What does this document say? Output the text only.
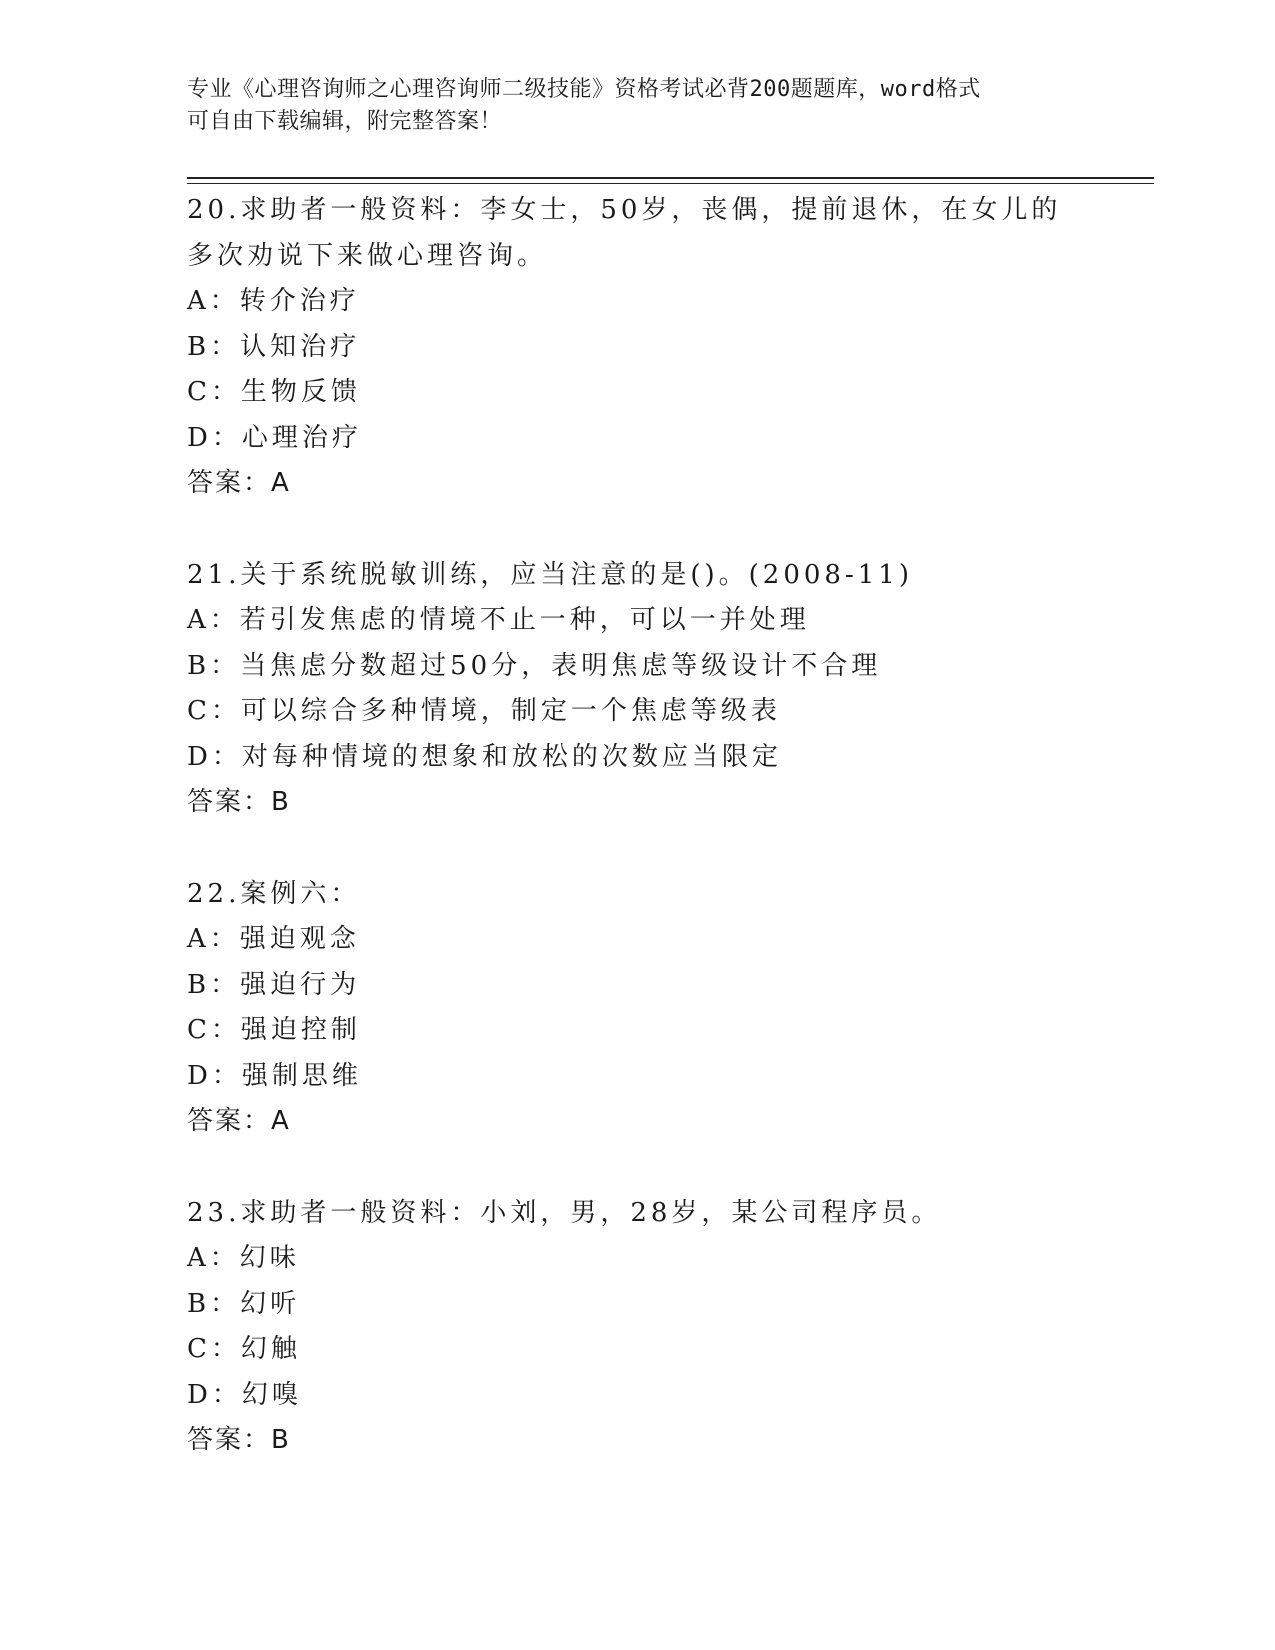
专业《心理咨询师之心理咨询师二级技能》资格考试必背200题题库，word格式
可自由下载编辑，附完整答案！
20.求助者一般资料：李女士，50岁，丧偶，提前退休，在女儿的多次劝说下来做心理咨询。
A：转介治疗
B：认知治疗
C：生物反馈
D：心理治疗
答案：A
21.关于系统脱敏训练，应当注意的是()。(2008-11)
A：若引发焦虑的情境不止一种，可以一并处理
B：当焦虑分数超过50分，表明焦虑等级设计不合理
C：可以综合多种情境，制定一个焦虑等级表
D：对每种情境的想象和放松的次数应当限定
答案：B
22.案例六：
A：强迫观念
B：强迫行为
C：强迫控制
D：强制思维
答案：A
23.求助者一般资料：小刘，男，28岁，某公司程序员。
A：幻味
B：幻听
C：幻触
D：幻嗅
答案：B
